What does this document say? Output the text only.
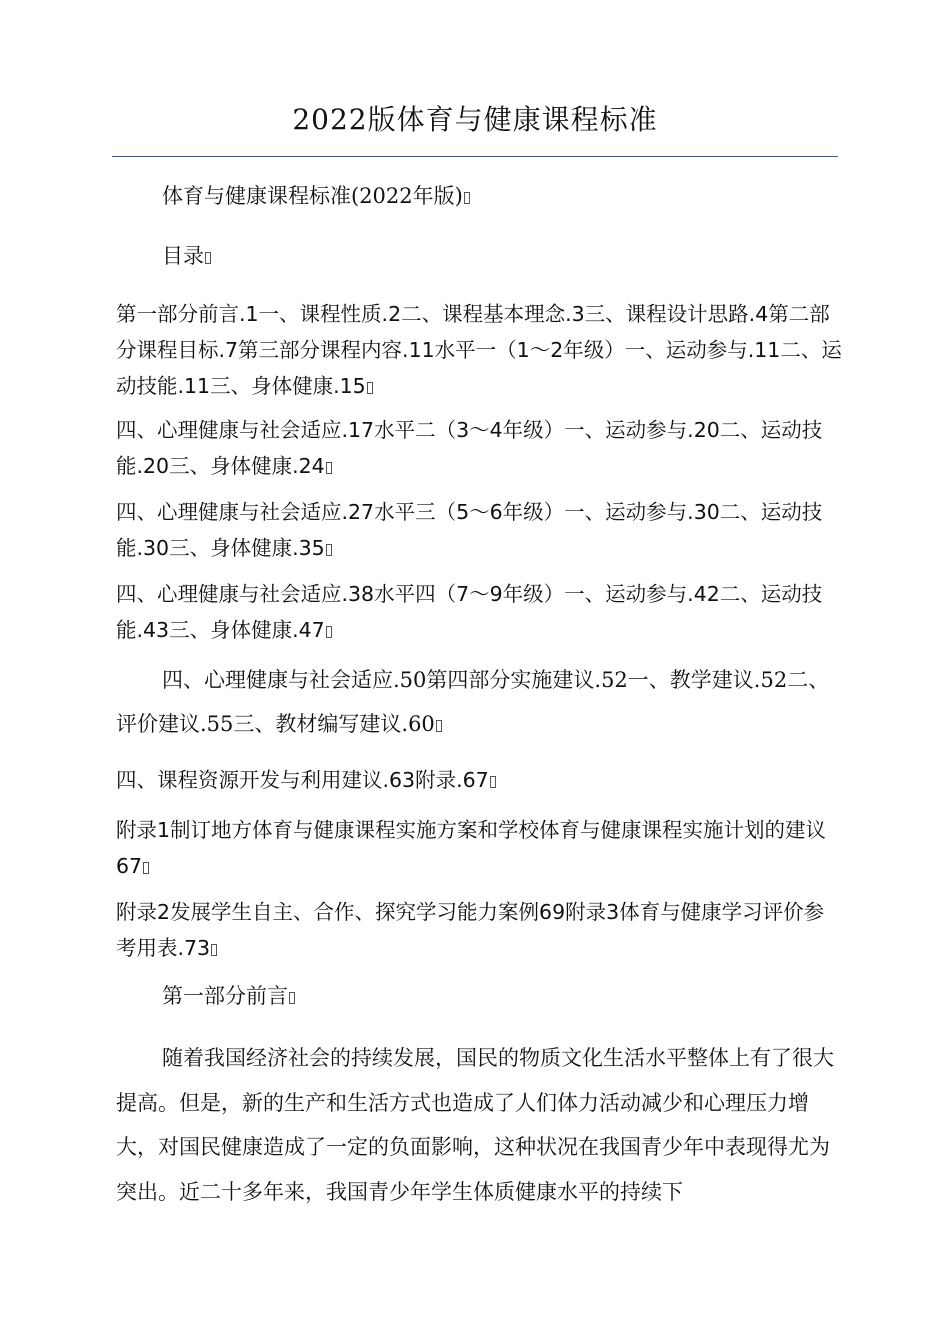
2022版体育与健康课程标准

体育与健康课程标准(2022年版)

目录

第一部分前言.1一、课程性质.2二、课程基本理念.3三、课程设计思路.4第二部分课程目标.7第三部分课程内容.11水平一（1～2年级）一、运动参与.11二、运动技能.11三、身体健康.15

四、心理健康与社会适应.17水平二（3～4年级）一、运动参与.20二、运动技能.20三、身体健康.24

四、心理健康与社会适应.27水平三（5～6年级）一、运动参与.30二、运动技能.30三、身体健康.35

四、心理健康与社会适应.38水平四（7～9年级）一、运动参与.42二、运动技能.43三、身体健康.47

四、心理健康与社会适应.50第四部分实施建议.52一、教学建议.52二、评价建议.55三、教材编写建议.60

四、课程资源开发与利用建议.63附录.67

附录1制订地方体育与健康课程实施方案和学校体育与健康课程实施计划的建议67

附录2发展学生自主、合作、探究学习能力案例69附录3体育与健康学习评价参考用表.73

第一部分前言

随着我国经济社会的持续发展，国民的物质文化生活水平整体上有了很大提高。但是，新的生产和生活方式也造成了人们体力活动减少和心理压力增大，对国民健康造成了一定的负面影响，这种状况在我国青少年中表现得尤为突出。近二十多年来，我国青少年学生体质健康水平的持续下
